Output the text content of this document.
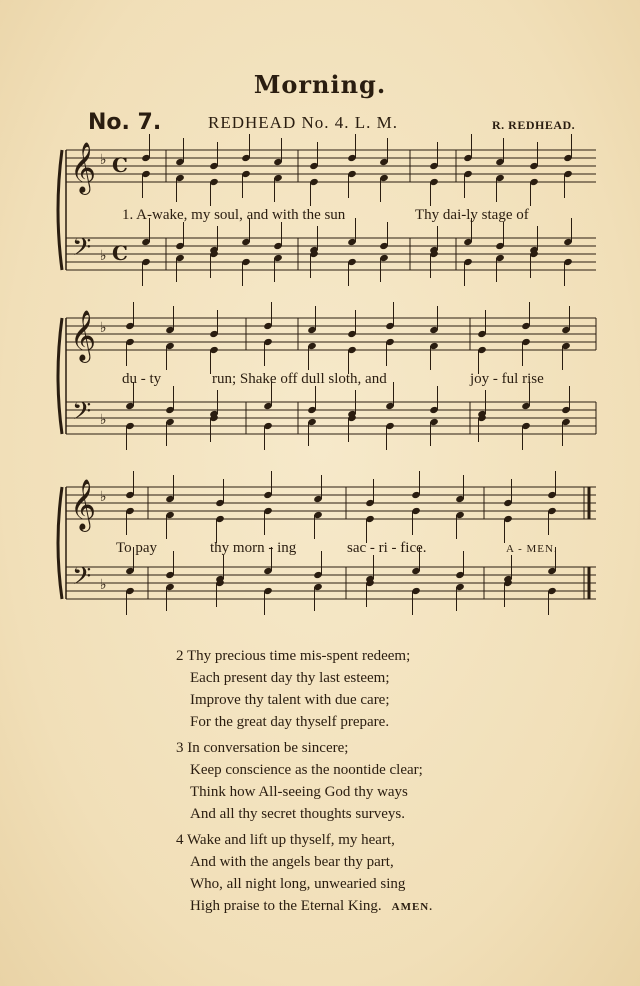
Morning.
No. 7.	REDHEAD No. 4. L. M.	R. REDHEAD.
𝄞
𝄢
♭
♭
C
C
𝄞
𝄢
♭
♭
𝄞
𝄢
♭
♭
1. A-wake, my soul, and with the sun	Thy dai-ly stage of
du - ty	run; Shake off dull sloth, and	joy - ful rise
To pay	thy morn - ing	sac - ri - fice.	A - MEN.
2 Thy precious time mis-spent redeem;
Each present day thy last esteem;
Improve thy talent with due care;
For the great day thyself prepare.
3 In conversation be sincere;
Keep conscience as the noontide clear;
Think how All-seeing God thy ways
And all thy secret thoughts surveys.
4 Wake and lift up thyself, my heart,
And with the angels bear thy part,
Who, all night long, unwearied sing
High praise to the Eternal King. AMEN.
